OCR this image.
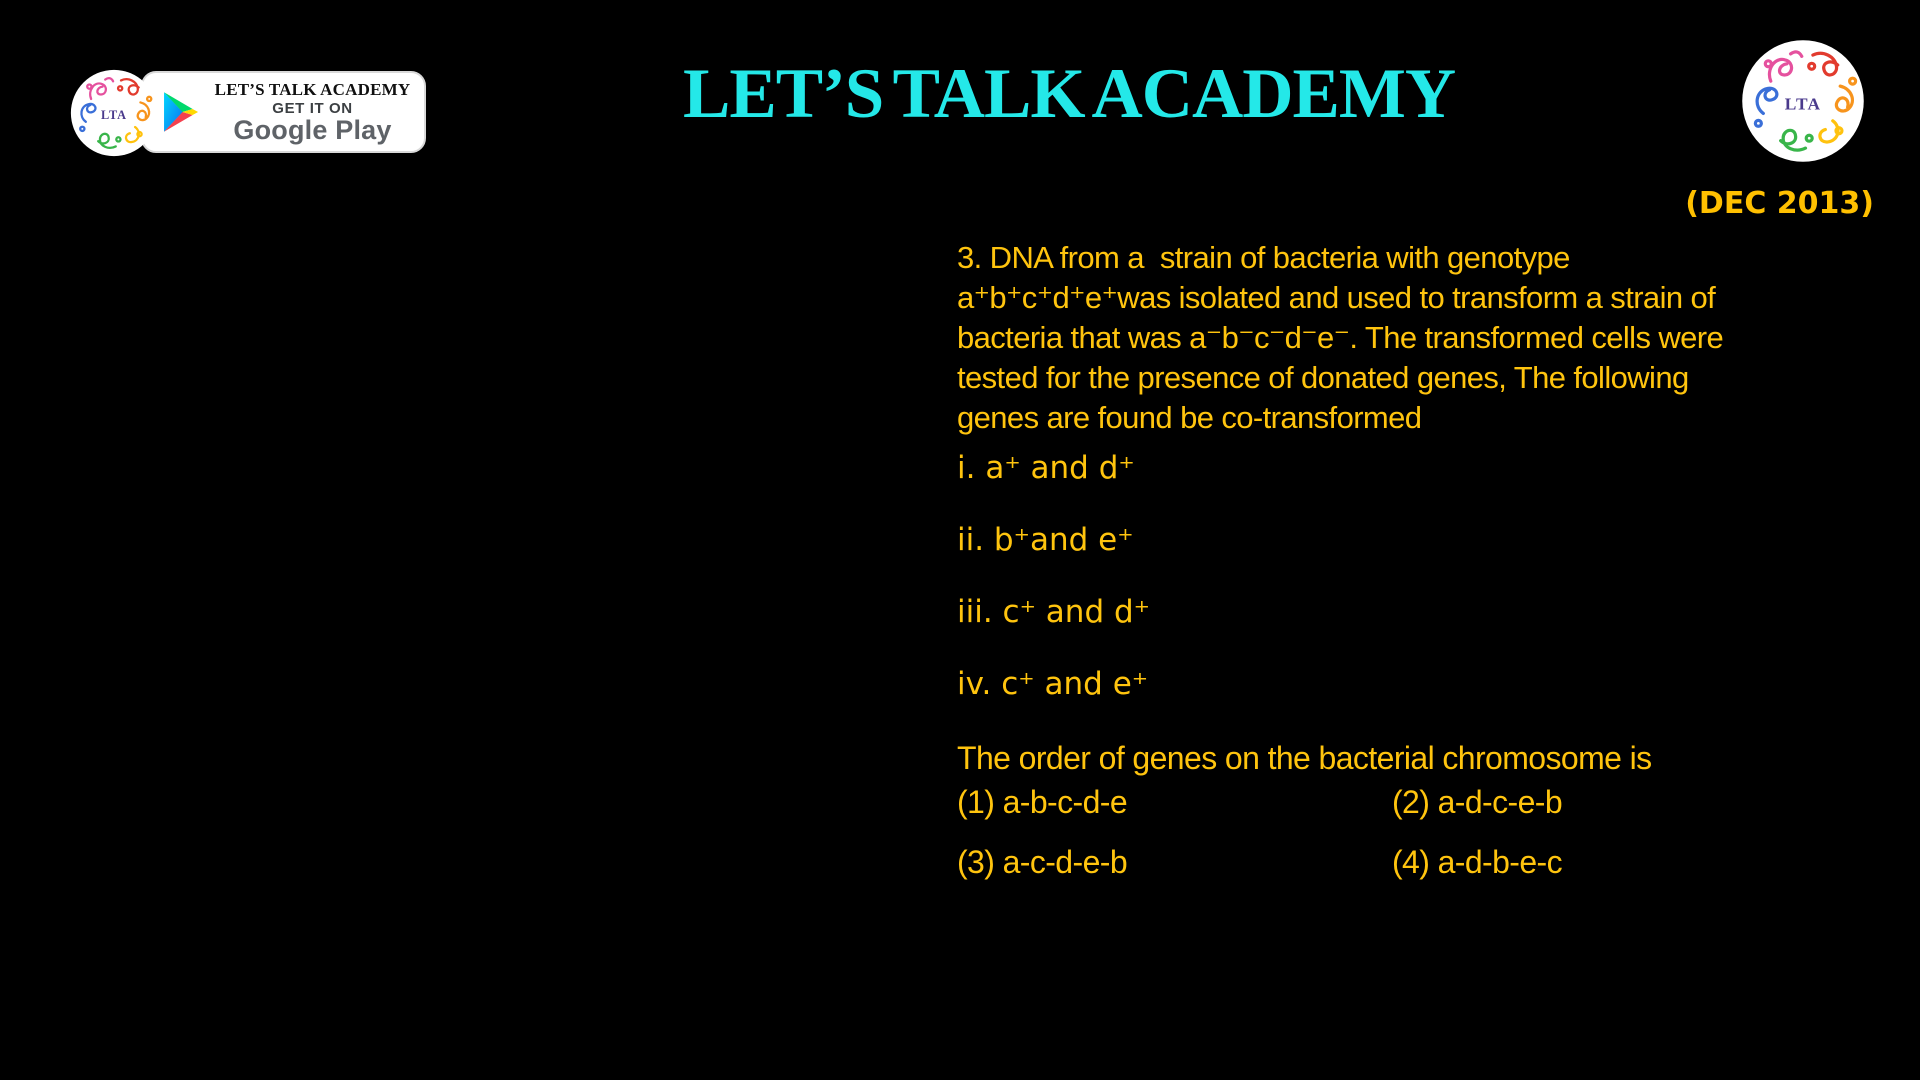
LET’S TALK ACADEMY
GET IT ON
Google Play	LET’S TALK ACADEMY
(DEC 2013)
3. DNA from a  strain of bacteria with genotype
a⁺b⁺c⁺d⁺e⁺was isolated and used to transform a strain of
bacteria that was a⁻b⁻c⁻d⁻e⁻. The transformed cells were
tested for the presence of donated genes, The following
genes are found be co-transformed
i. a⁺ and d⁺
ii. b⁺and e⁺
iii. c⁺ and d⁺
iv. c⁺ and e⁺
The order of genes on the bacterial chromosome is
(1) a-b-c-d-e	(2) a-d-c-e-b
(3) a-c-d-e-b	(4) a-d-b-e-c
